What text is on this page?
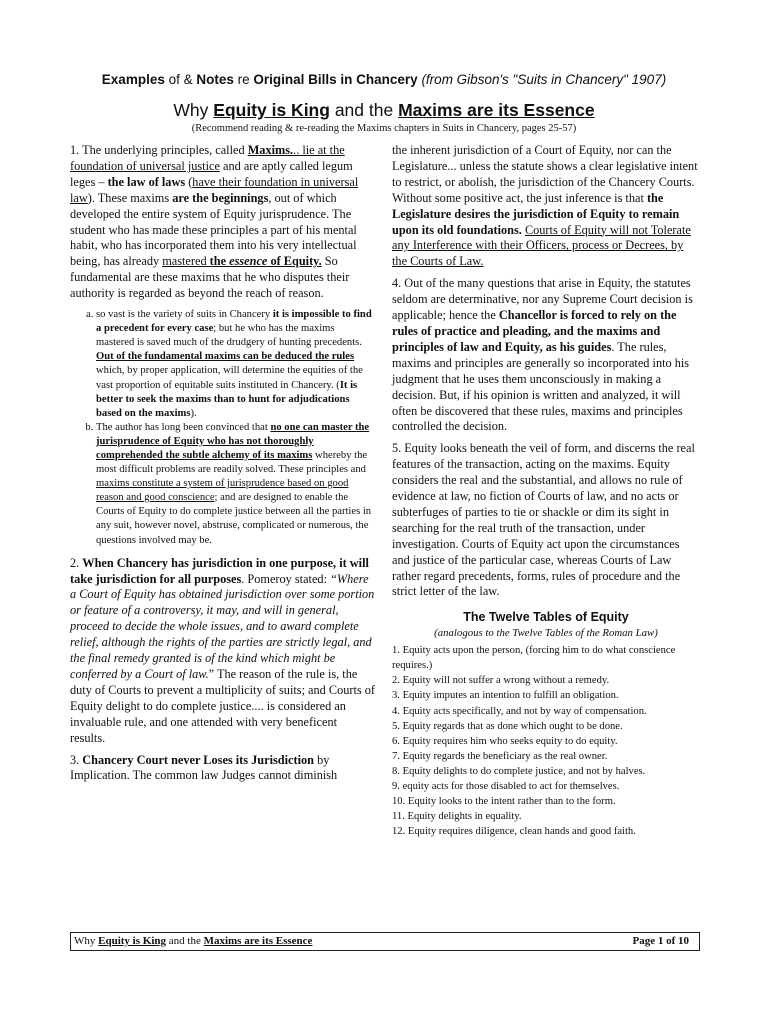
Examples of & Notes re Original Bills in Chancery (from Gibson's "Suits in Chancery" 1907)
Why Equity is King and the Maxims are its Essence
(Recommend reading & re-reading the Maxims chapters in Suits in Chancery, pages 25-57)

1. The underlying principles, called Maxims... lie at the foundation of universal justice and are aptly called legum leges – the law of laws (have their foundation in universal law). These maxims are the beginnings, out of which developed the entire system of Equity jurisprudence. The student who has made these principles a part of his mental habit, who has incorporated them into his very intellectual being, has already mastered the essence of Equity. So fundamental are these maxims that he who disputes their authority is regarded as beyond the reach of reason.

a. so vast is the variety of suits in Chancery it is impossible to find a precedent for every case; but he who has the maxims mastered is saved much of the drudgery of hunting precedents. Out of the fundamental maxims can be deduced the rules which, by proper application, will determine the equities of the vast proportion of equitable suits instituted in Chancery. (It is better to seek the maxims than to hunt for adjudications based on the maxims).
b. The author has long been convinced that no one can master the jurisprudence of Equity who has not thoroughly comprehended the subtle alchemy of its maxims whereby the most difficult problems are readily solved. These principles and maxims constitute a system of jurisprudence based on good reason and good conscience; and are designed to enable the Courts of Equity to do complete justice between all the parties in any suit, however novel, abstruse, complicated or numerous, the questions involved may be.

2. When Chancery has jurisdiction in one purpose, it will take jurisdiction for all purposes. Pomeroy stated: “Where a Court of Equity has obtained jurisdiction over some portion or feature of a controversy, it may, and will in general, proceed to decide the whole issues, and to award complete relief, although the rights of the parties are strictly legal, and the final remedy granted is of the kind which might be conferred by a Court of law.” The reason of the rule is, the duty of Courts to prevent a multiplicity of suits; and Courts of Equity delight to do complete justice.... is considered an invaluable rule, and one attended with very beneficent results.

3. Chancery Court never Loses its Jurisdiction by Implication. The common law Judges cannot diminish

the inherent jurisdiction of a Court of Equity, nor can the Legislature... unless the statute shows a clear legislative intent to restrict, or abolish, the jurisdiction of the Chancery Courts. Without some positive act, the just inference is that the Legislature desires the jurisdiction of Equity to remain upon its old foundations. Courts of Equity will not Tolerate any Interference with their Officers, process or Decrees, by the Courts of Law.

4. Out of the many questions that arise in Equity, the statutes seldom are determinative, nor any Supreme Court decision is applicable; hence the Chancellor is forced to rely on the rules of practice and pleading, and the maxims and principles of law and Equity, as his guides. The rules, maxims and principles are generally so incorporated into his judgment that he uses them unconsciously in making a decision. But, if his opinion is written and analyzed, it will often be discovered that these rules, maxims and principles controlled the decision.

5. Equity looks beneath the veil of form, and discerns the real features of the transaction, acting on the maxims. Equity considers the real and the substantial, and allows no rule of evidence at law, no fiction of Courts of law, and no acts or subterfuges of parties to tie or shackle or dim its sight in searching for the real truth of the transaction, under investigation. Courts of Equity act upon the circumstances and justice of the particular case, whereas Courts of Law rather regard precedents, forms, rules of procedure and the strict letter of the law.

The Twelve Tables of Equity
(analogous to the Twelve Tables of the Roman Law)
1. Equity acts upon the person, (forcing him to do what conscience requires.)
2. Equity will not suffer a wrong without a remedy.
3. Equity imputes an intention to fulfill an obligation.
4. Equity acts specifically, and not by way of compensation.
5. Equity regards that as done which ought to be done.
6. Equity requires him who seeks equity to do equity.
7. Equity regards the beneficiary as the real owner.
8. Equity delights to do complete justice, and not by halves.
9. equity acts for those disabled to act for themselves.
10. Equity looks to the intent rather than to the form.
11. Equity delights in equality.
12. Equity requires diligence, clean hands and good faith.
Why Equity is King and the Maxims are its Essence	Page 1 of 10
